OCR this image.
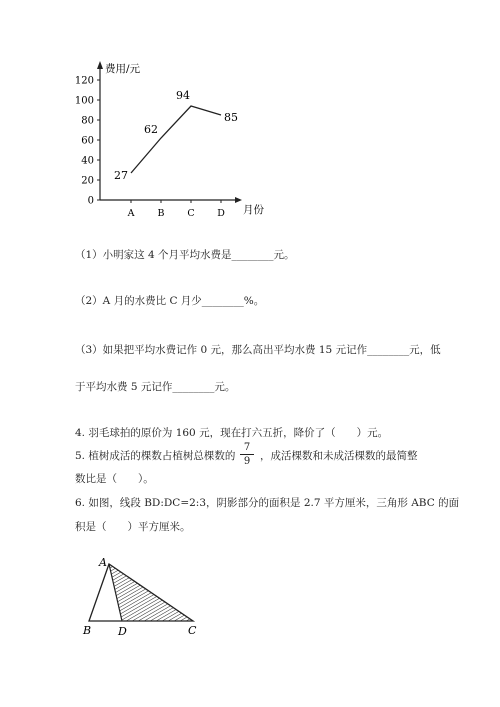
120
100
80
60
40
20
0
A B C D
费用/元
月份
27
62
94
85
（1）小明家这 4 个月平均水费是________元。
（2）A 月的水费比 C 月少________%。
（3）如果把平均水费记作 0 元，那么高出平均水费 15 元记作________元，低
于平均水费 5 元记作________元。
4. 羽毛球拍的原价为 160 元，现在打六五折，降价了（　　）元。
5. 植树成活的棵数占植树总棵数的
7
9 ，成活棵数和未成活棵数的最简整
数比是（　　）。
6. 如图，线段 BD:DC=2:3，阴影部分的面积是 2.7 平方厘米，三角形 ABC 的面
积是（　　）平方厘米。
A
B D	C
